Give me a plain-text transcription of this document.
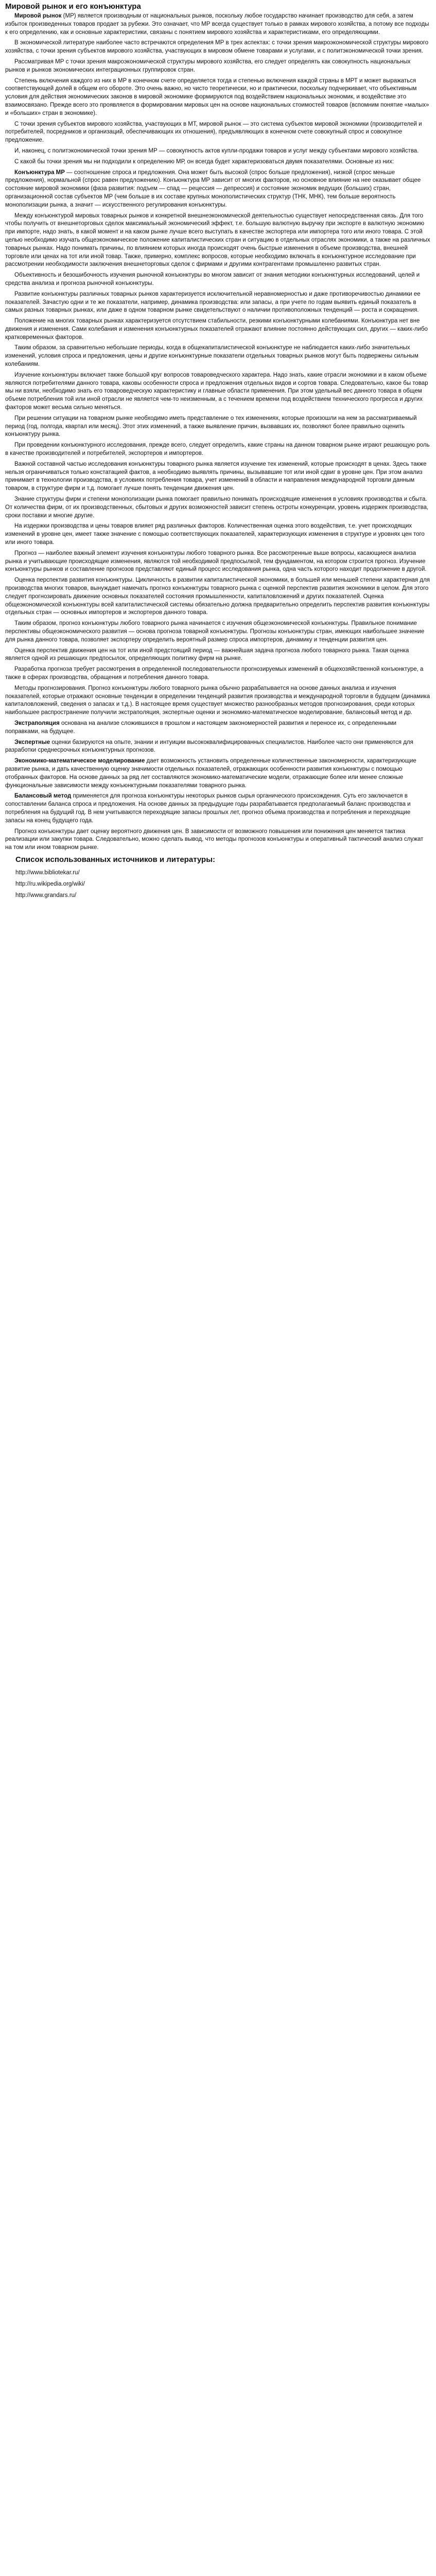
Мировой рынок и его конъюнктура

Мировой рынок (МР) является производным от национальных рынков, поскольку любое государство начинает производство для себя, а затем избыток произведенных товаров продает за рубежи. Это означает, что МР всегда существует только в рамках мирового хозяйства, а потому все подходы к его определению, как и основные характеристики, связаны с понятием мирового хозяйства и характеристиками, его определяющими.

В экономической литературе наиболее часто встречаются определения МР в трех аспектах: с точки зрения макроэкономической структуры мирового хозяйства, с точки зрения субъектов мирового хозяйства, участвующих в мировом обмене товарами и услугами, и с политэкономической точки зрения.

Рассматривая МР с точки зрения макроэкономической структуры мирового хозяйства, его следует определять как совокупность национальных рынков и рынков экономических интеграционных группировок стран.

Степень включения каждого из них в МР в конечном счете определяется тогда и степенью включения каждой страны в МРТ и может выражаться соответствующей долей в общем его обороте. Это очень важно, но чисто теоретически, но и практически, поскольку подчеркивает, что объективным условия для действия экономических законов в мировой экономике формируются под воздействием национальных экономик, и воздействие это взаимосвязано. Прежде всего это проявляется в формировании мировых цен на основе национальных стоимостей товаров (вспомним понятие «малых» и «больших» стран в экономике).

С точки зрения субъектов мирового хозяйства, участвующих в МТ, мировой рынок — это система субъектов мировой экономики (производителей и потребителей, посредников и организаций, обеспечивающих их отношения), предъявляющих в конечном счете совокупный спрос и совокупное предложение.

И, наконец, с политэкономической точки зрения МР — совокупность актов купли-продажи товаров и услуг между субъектами мирового хозяйства.

С какой бы точки зрения мы ни подходили к определению МР, он всегда будет характеризоваться двумя показателями. Основные из них:

Конъюнктура МР — соотношение спроса и предложения. Она может быть высокой (спрос больше предложения), низкой (спрос меньше предложения), нормальной (спрос равен предложению). Конъюнктура МР зависит от многих факторов, но основное влияние на нее оказывает общее состояние мировой экономики (фаза развития: подъем — спад — рецессия — депрессия) и состояние экономик ведущих (больших) стран, организационной состав субъектов МР (чем больше в их составе крупных монополистических структур (ТНК, МНК), тем больше вероятность монополизации рынка, а значит — искусственного регулирования конъюнктуры.

Между конъюнктурой мировых товарных рынков и конкретной внешнеэкономической деятельностью существует непосредственная связь. Для того чтобы получить от внешнеторговых сделок максимальный экономический эффект, т.е. большую валютную выручку при экспорте в валютную экономию при импорте, надо знать, в какой момент и на каком рынке лучше всего выступать в качестве экспортера или импортера того или иного товара. С этой целью необходимо изучать общеэкономическое положение капиталистических стран и ситуацию в отдельных отраслях экономики, а также на различных товарных рынках. Надо понимать причины, по влиянием которых иногда происходят очень быстрые изменения в объеме производства, внешней торговле или ценах на тот или иной товар. Также, примерно, комплекс вопросов, которые необходимо включать в конъюнктурное исследование при рассмотрении необходимости заключения внешнеторговых сделок с фирмами и другими контрагентами промышленно развитых стран.

Объективность и безошибочность изучения рыночной конъюнктуры во многом зависит от знания методики конъюнктурных исследований, целей и средства анализа и прогноза рыночной конъюнктуры.

Развитие конъюнктуры различных товарных рынков характеризуется исключительной неравномерностью и даже противоречивостью динамики ее показателей. Зачастую одни и те же показатели, например, динамика производства: или запасы, а при учете по годам выявить единый показатель в самых разных товарных рынках, или даже в одном товарном рынке свидетельствуют о наличии противоположных тенденций — роста и сокращения.

Положение на многих товарных рынках характеризуется отсутствием стабильности, резкими конъюнктурными колебаниями. Конъюнктура нет вне движения и изменения. Сами колебания и изменения конъюнктурных показателей отражают влияние постоянно действующих сил, других — каких-либо кратковременных факторов.

Таким образом, за сравнительно небольшие периоды, когда в общекапиталистической конъюнктуре не наблюдается каких-либо значительных изменений, условия спроса и предложения, цены и другие конъюнктурные показатели отдельных товарных рынков могут быть подвержены сильным колебаниям.

Изучение конъюнктуры включает также большой круг вопросов товароведческого характера. Надо знать, какие отрасли экономики и в каком объеме являются потребителями данного товара, каковы особенности спроса и предложения отдельных видов и сортов товара. Следовательно, какое бы товар мы ни взяли, необходимо знать его товароведческую характеристику и главные области применения. При этом удельный вес данного товара в общем объеме потребления той или иной отрасли не является чем-то неизменным, а с течением времени под воздействием технического прогресса и других факторов может весьма сильно меняться.

При решении ситуации на товарном рынке необходимо иметь представление о тех изменениях, которые произошли на нем за рассматриваемый период (год, полгода, квартал или месяц). Этот этих изменений, а также выявление причин, вызвавших их, позволяют более правильно оценить конъюнктуру рынка.

При проведении конъюнктурного исследования, прежде всего, следует определить, какие страны на данном товарном рынке играют решающую роль в качестве производителей и потребителей, экспортеров и импортеров.

Важной составной частью исследования конъюнктуры товарного рынка является изучение тех изменений, которые происходят в ценах. Здесь также нельзя ограничиваться только констатацией фактов, а необходимо выявлять причины, вызывавшие тот или иной сдвиг в уровне цен. При этом анализ принимает в технологии производства, в условиях потребления товара, учет изменений в области и направления международной торговли данным товаром, в структуре фирм и т.д. помогает лучше понять тенденции движения цен.

Знание структуры фирм и степени монополизации рынка помогает правильно понимать происходящие изменения в условиях производства и сбыта. От количества фирм, от их производственных, сбытовых и других возможностей зависит степень остроты конкуренции, уровень издержек производства, сроки поставки и многие другие.

На издержки производства и цены товаров влияет ряд различных факторов. Количественная оценка этого воздействия, т.е. учет происходящих изменений в уровне цен, имеет также значение с помощью соответствующих показателей, характеризующих изменения в структуре и уровнях цен того или иного товара.

Прогноз — наиболее важный элемент изучения конъюнктуры любого товарного рынка. Все рассмотренные выше вопросы, касающиеся анализа рынка и учитывающие происходящие изменения, являются той необходимой предпосылкой, тем фундаментом, на котором строится прогноз. Изучение конъюнктуры рынков и составление прогнозов представляют единый процесс исследования рынка, одна часть которого находит продолжение в другой.

Оценка перспектив развития конъюнктуры. Цикличность в развитии капиталистической экономики, в большей или меньшей степени характерная для производства многих товаров, вынуждает намечать прогноз конъюнктуры товарного рынка с оценкой перспектив развития экономики в целом. Для этого следует прогнозировать движение основных показателей состояния промышленности, капиталовложений и других показателей. Оценка общеэкономической конъюнктуры всей капиталистической системы обязательно должна предварительно определить перспектив развития конъюнктуры отдельных стран — основных импортеров и экспортеров данного товара.

Таким образом, прогноз конъюнктуры любого товарного рынка начинается с изучения общеэкономической конъюнктуры. Правильное понимание перспективы общеэкономического развития — основа прогноза товарной конъюнктуры. Прогнозы конъюнктуры стран, имеющих наибольшее значение для рынка данного товара, позволяет экспортеру определить вероятный размер спроса импортеров, динамику и тенденции развития цен.

Оценка перспектив движения цен на тот или иной предстоящий период — важнейшая задача прогноза любого товарного рынка. Такая оценка является одной из решающих предпосылок, определяющих политику фирм на рынке.

Разработка прогноза требует рассмотрения в определенной последовательности прогнозируемых изменений в общехозяйственной конъюнктуре, а также в сферах производства, обращения и потребления данного товара.

Методы прогнозирования. Прогноз конъюнктуры любого товарного рынка обычно разрабатывается на основе данных анализа и изучения показателей, которые отражают основные тенденции в определении тенденций развития производства и международной торговли в будущем (динамика капиталовложений, сведения о запасах и т.д.). В настоящее время существует множество разнообразных методов прогнозирования, среди которых наибольшее распространение получили экстраполяция, экспертные оценки и экономико-математическое моделирование, балансовый метод и др.

Экстраполяция основана на анализе сложившихся в прошлом и настоящем закономерностей развития и переносе их, с определенными поправками, на будущее.

Экспертные оценки базируются на опыте, знании и интуиции высококвалифицированных специалистов. Наиболее часто они применяются для разработки среднесрочных конъюнктурных прогнозов.

Экономико-математическое моделирование дает возможность установить определенные количественные закономерности, характеризующие развитие рынка, и дать качественную оценку значимости отдельных показателей, отражающих особенности развития конъюнктуры с помощью отобранных факторов. На основе данных за ряд лет составляются экономико-математические модели, отражающие более или менее сложные функциональные зависимости между конъюнктурными показателями товарного рынка.

Балансовый метод применяется для прогноза конъюнктуры некоторых рынков сырья органического происхождения. Суть его заключается в сопоставлении баланса спроса и предложения. На основе данных за предыдущие годы разрабатывается предполагаемый баланс производства и потребления на будущий год. В нем учитываются переходящие запасы прошлых лет, прогноз объема производства и потребления и переходящие запасы на конец будущего года.

Прогноз конъюнктуры дает оценку вероятного движения цен. В зависимости от возможного повышения или понижения цен меняется тактика реализации или закупки товара. Следовательно, можно сделать вывод, что методы прогнозов конъюнктуры и оперативный тактический анализ служат на том или ином товарном рынке.

Список использованных источников и литературы:
http://www.bibliotekar.ru/
http://ru.wikipedia.org/wiki/
http://www.grandars.ru/
